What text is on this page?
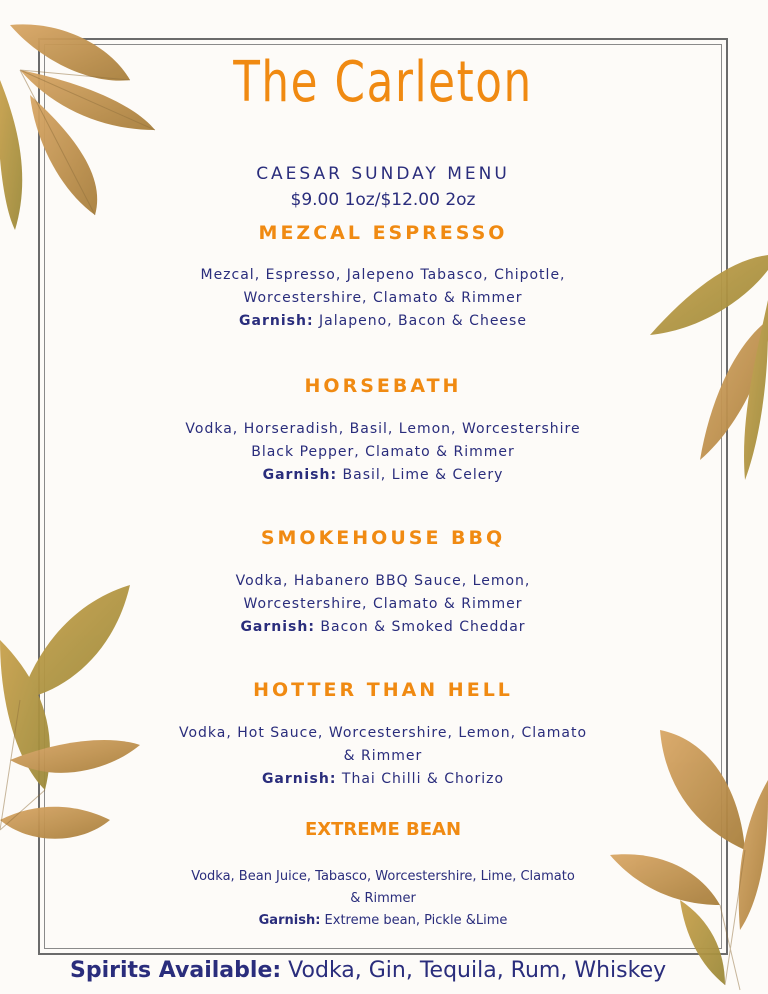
The Carleton
CAESAR SUNDAY MENU
$9.00 1oz/$12.00 2oz
MEZCAL ESPRESSO
Mezcal, Espresso, Jalepeno Tabasco, Chipotle,
Worcestershire, Clamato & Rimmer
Garnish: Jalapeno, Bacon & Cheese
HORSEBATH
Vodka, Horseradish, Basil, Lemon, Worcestershire
Black Pepper, Clamato & Rimmer
Garnish: Basil, Lime & Celery
SMOKEHOUSE BBQ
Vodka, Habanero BBQ Sauce, Lemon,
Worcestershire, Clamato & Rimmer
Garnish: Bacon & Smoked Cheddar
HOTTER THAN HELL
Vodka, Hot Sauce, Worcestershire, Lemon, Clamato
& Rimmer
Garnish: Thai Chilli & Chorizo
EXTREME BEAN
Vodka, Bean Juice, Tabasco, Worcestershire, Lime, Clamato
& Rimmer
Garnish: Extreme bean, Pickle &Lime
Spirits Available: Vodka, Gin, Tequila, Rum, Whiskey
